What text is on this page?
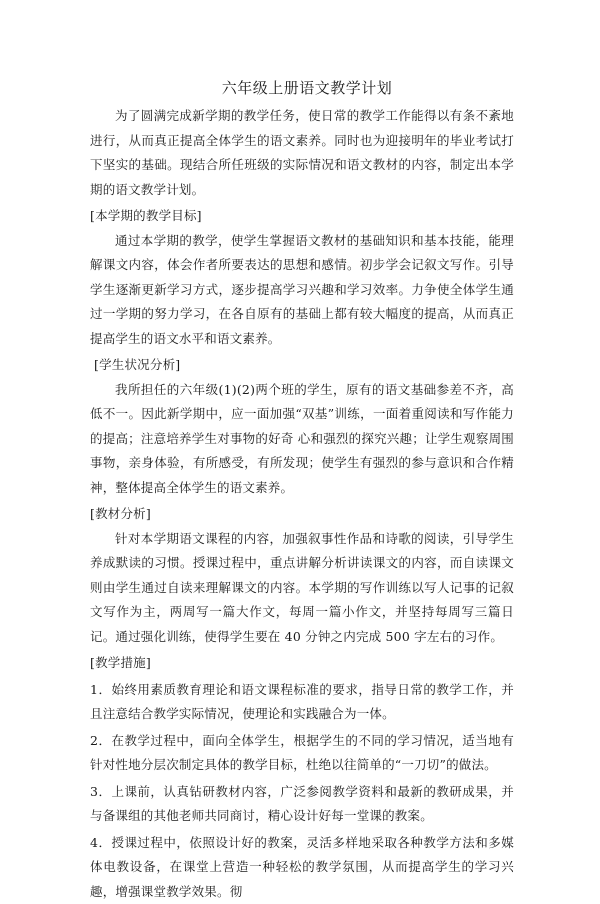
六年级上册语文教学计划

为了圆满完成新学期的教学任务，使日常的教学工作能得以有条不紊地进行，从而真正提高全体学生的语文素养。同时也为迎接明年的毕业考试打下坚实的基础。现结合所任班级的实际情况和语文教材的内容，制定出本学期的语文教学计划。

[本学期的教学目标]

通过本学期的教学，使学生掌握语文教材的基础知识和基本技能，能理解课文内容，体会作者所要表达的思想和感情。初步学会记叙文写作。引导学生逐渐更新学习方式，逐步提高学习兴趣和学习效率。力争使全体学生通过一学期的努力学习，在各自原有的基础上都有较大幅度的提高，从而真正提高学生的语文水平和语文素养。

[学生状况分析]

我所担任的六年级(1)(2)两个班的学生，原有的语文基础参差不齐，高低不一。因此新学期中，应一面加强“双基”训练，一面着重阅读和写作能力的提高；注意培养学生对事物的好奇 心和强烈的探究兴趣；让学生观察周围事物，亲身体验，有所感受，有所发现；使学生有强烈的参与意识和合作精神，整体提高全体学生的语文素养。

[教材分析]

针对本学期语文课程的内容，加强叙事性作品和诗歌的阅读，引导学生养成默读的习惯。授课过程中，重点讲解分析讲读课文的内容，而自读课文则由学生通过自读来理解课文的内容。本学期的写作训练以写人记事的记叙文写作为主，两周写一篇大作文，每周一篇小作文，并坚持每周写三篇日记。通过强化训练，使得学生要在 40 分钟之内完成 500 字左右的习作。

[教学措施]

1．始终用素质教育理论和语文课程标准的要求，指导日常的教学工作，并且注意结合教学实际情况，使理论和实践融合为一体。

2．在教学过程中，面向全体学生，根据学生的不同的学习情况，适当地有针对性地分层次制定具体的教学目标，杜绝以往简单的“一刀切”的做法。

3．上课前，认真钻研教材内容，广泛参阅教学资料和最新的教研成果，并与备课组的其他老师共同商讨，精心设计好每一堂课的教案。

4．授课过程中，依照设计好的教案，灵活多样地采取各种教学方法和多媒体电教设备，在课堂上营造一种轻松的教学氛围，从而提高学生的学习兴趣，增强课堂教学效果。彻
